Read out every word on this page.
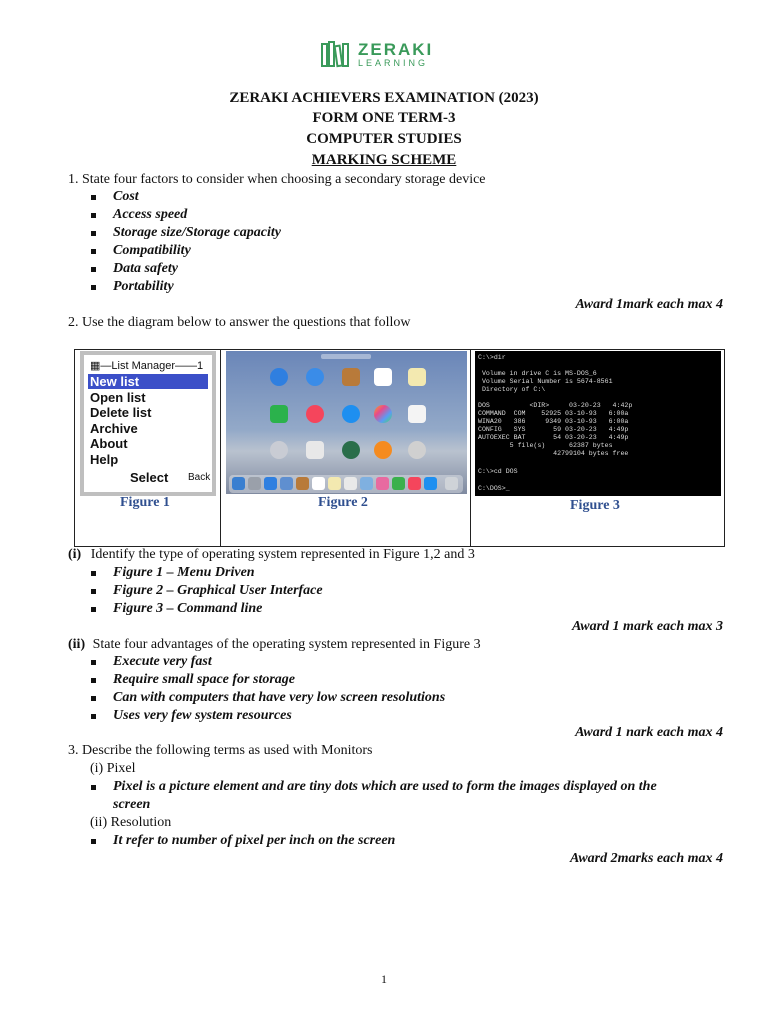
ZERAKI
LEARNING
ZERAKI ACHIEVERS EXAMINATION (2023)
FORM ONE TERM-3
COMPUTER STUDIES
MARKING SCHEME
1. State four factors to consider when choosing a secondary storage device
Cost
Access speed
Storage size/Storage capacity
Compatibility
Data safety
Portability
Award 1mark each max 4
2. Use the diagram below to answer the questions that follow
▦—List Manager——1
New list
Open list
Delete list
Archive
About
Help
Select Back
Figure 1	Figure 2
C:\>dir
Volume in drive C is MS-DOS_6
Volume Serial Number is 5674-8561
Directory of C:\
DOS          <DIR>     03-20-23   4:42p
COMMAND  COM    52925 03-10-93   6:00a
WINA20   386     9349 03-10-93   6:00a
CONFIG   SYS       59 03-20-23   4:49p
AUTOEXEC BAT       54 03-20-23   4:49p
5 file(s)      62387 bytes
42799104 bytes free
C:\>cd DOS
C:\DOS>_
Figure 3
(i) Identify the type of operating system represented in Figure 1,2 and 3
Figure 1 – Menu Driven
Figure 2 – Graphical User Interface
Figure 3 – Command line
Award 1 mark each max 3
(ii) State four advantages of the operating system represented in Figure 3
Execute very fast
Require small space for storage
Can with computers that have very low screen resolutions
Uses very few system resources
Award 1 nark each max 4
3. Describe the following terms as used with Monitors
(i) Pixel
Pixel is a picture element and are tiny dots which are used to form the images displayed on the
screen
(ii) Resolution
It refer to number of pixel per inch on the screen
Award 2marks each max 4
1
